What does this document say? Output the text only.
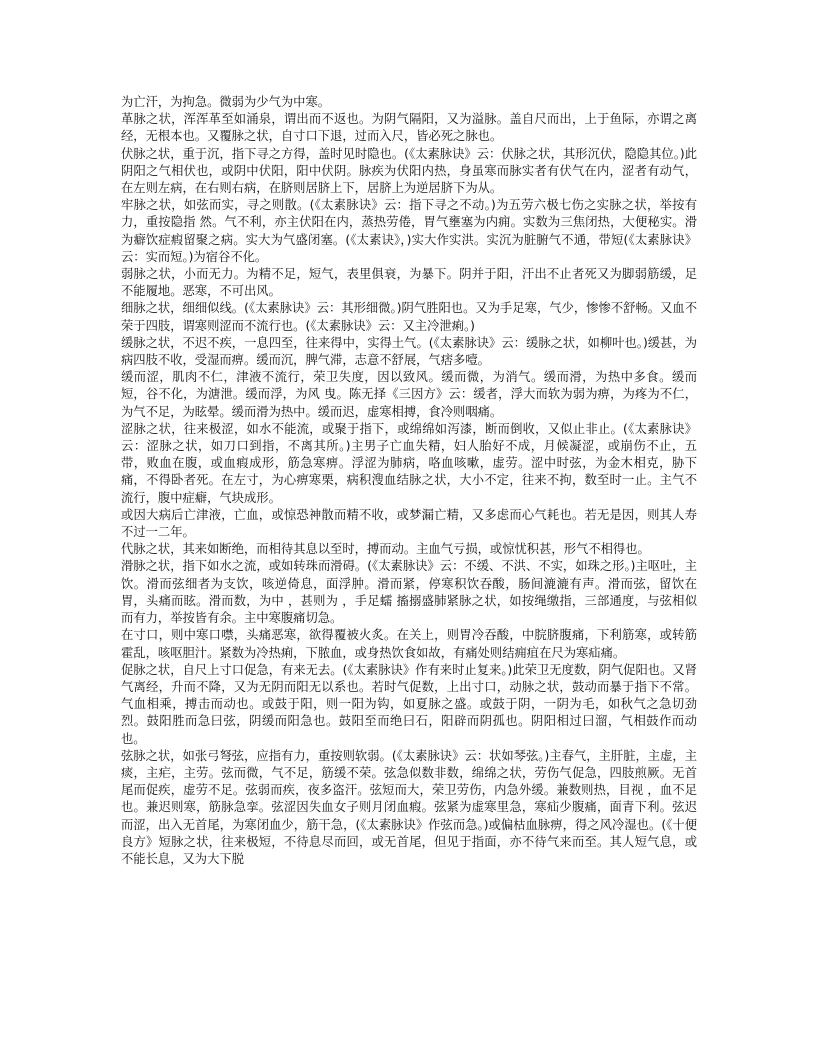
为亡汗，为拘急。微弱为少气为中寒。

革脉之状，浑浑革至如涌泉，谓出而不返也。为阴气隔阳，又为溢脉。盖自尺而出，上于鱼际，亦谓之离经，无根本也。又覆脉之状，自寸口下退，过而入尺，皆必死之脉也。

伏脉之状，重于沉，指下寻之方得，盖时见时隐也。(《太素脉诀》云：伏脉之状，其形沉伏，隐隐其位。)此阴阳之气相伏也，或阴中伏阳，阳中伏阴。脉疾为伏阳内热，身虽寒而脉实者有伏气在内，涩者有动气，在左则左病，在右则右病，在脐则居脐上下，居脐上为逆居脐下为从。

牢脉之状，如弦而实，寻之则散。(《太素脉诀》云：指下寻之不动。)为五劳六极七伤之实脉之状，举按有力，重按隐指 然。气不利，亦主伏阳在内，蒸热劳倦，胃气壅塞为内痈。实数为三焦闭热，大便秘实。滑为癖饮症瘕留聚之病。实大为气盛闭塞。(《太素诀》，)实大作实洪。实沉为脏腑气不通，带短(《太素脉诀》云：实而短。)为宿谷不化。

弱脉之状，小而无力。为精不足，短气，表里俱衰，为暴下。阴并于阳，汗出不止者死又为脚弱筋缓，足不能履地。恶寒，不可出风。

细脉之状，细细似线。(《太素脉诀》云：其形细微。)阴气胜阳也。又为手足寒，气少，惨惨不舒畅。又血不荣于四肢，谓寒则涩而不流行也。(《太素脉诀》云：又主冷泄痢。)

缓脉之状，不迟不疾，一息四至，往来得中，实得土气。(《太素脉诀》云：缓脉之状，如柳叶也。)缓甚，为病四肢不收，受湿而痹。缓而沉，脾气滞，志意不舒展，气痞多噎。

缓而涩，肌肉不仁，津液不流行，荣卫失度，因以致风。缓而微，为消气。缓而滑，为热中多食。缓而短，谷不化，为溏泄。缓而浮，为风 曳。陈无择《三因方》云：缓者，浮大而软为弱为痹，为疼为不仁，为气不足，为眩晕。缓而滑为热中。缓而迟，虚寒相搏，食冷则咽痛。

涩脉之状，往来极涩，如水不能流，或聚于指下，或绵绵如泻漆，断而倒收，又似止非止。(《太素脉诀》云：涩脉之状，如刀口到指，不离其所。)主男子亡血失精，妇人胎好不成，月候凝涩，或崩伤不止，五带，败血在腹，或血瘕成形，筋急寒痹。浮涩为肺病，咯血咳嗽，虚劳。涩中时弦，为金木相克，胁下痛，不得卧者死。在左寸，为心痹寒栗，病积溲血结脉之状，大小不定，往来不拘，数至时一止。主气不流行，腹中症癖，气块成形。

或因大病后亡津液，亡血，或惊恐神散而精不收，或梦漏亡精，又多虑而心气耗也。若无是因，则其人寿不过一二年。

代脉之状，其来如断绝，而相待其息以至时，搏而动。主血气亏损，或惊忧积甚，形气不相得也。

滑脉之状，指下如水之流，或如转珠而滑碍。(《太素脉诀》云：不缓、不洪、不实，如珠之形。)主呕吐，主饮。滑而弦细者为支饮，咳逆倚息，面浮肿。滑而紧，停寒积饮吞酸，肠间漉漉有声。滑而弦，留饮在胃，头痛而眩。滑而数，为中 ，甚则为 ，手足蠕 搐搦盛肺紧脉之状，如按绳缴指，三部通度，与弦相似而有力，举按皆有余。主中寒腹痛切急。

在寸口，则中寒口噤，头痛恶寒，欲得覆被火炙。在关上，则胃冷吞酸，中脘脐腹痛，下利筋寒，或转筋霍乱，咳呕胆汁。紧数为冷热痢，下脓血，或身热饮食如故，有痛处则结痈疽在尺为寒疝痛。

促脉之状，自尺上寸口促急，有来无去。(《太素脉诀》作有来时止复来。)此荣卫无度数，阴气促阳也。又肾气离经，升而不降，又为无阴而阳无以系也。若时气促数，上出寸口，动脉之状，鼓动而暴于指下不常。气血相乘，搏击而动也。或鼓于阳，则一阳为钩，如夏脉之盛。或鼓于阴，一阴为毛，如秋气之急切劲烈。鼓阳胜而急曰弦，阴缓而阳急也。鼓阳至而绝曰石，阳辟而阴孤也。阴阳相过曰溜，气相鼓作而动也。

弦脉之状，如张弓弩弦，应指有力，重按则软弱。(《太素脉诀》云：状如琴弦。)主春气，主肝脏，主虚，主痰，主疟，主劳。弦而微，气不足，筋缓不荣。弦急似数非数，绵绵之状，劳伤气促急，四肢煎厥。无首尾而促疾，虚劳不足。弦弱而疾，夜多盗汗。弦短而大，荣卫劳伤，内急外缓。兼数则热，目视 ，血不足也。兼迟则寒，筋脉急挛。弦涩因失血女子则月闭血瘕。弦紧为虚寒里急，寒疝少腹痛，面青下利。弦迟而涩，出入无首尾，为寒闭血少，筋干急，(《太素脉诀》作弦而急。)或偏枯血脉痹，得之风冷湿也。(《十便良方》短脉之状，往来极短，不待息尽而回，或无首尾，但见于指面，亦不待气来而至。其人短气息，或不能长息，又为大下脱
